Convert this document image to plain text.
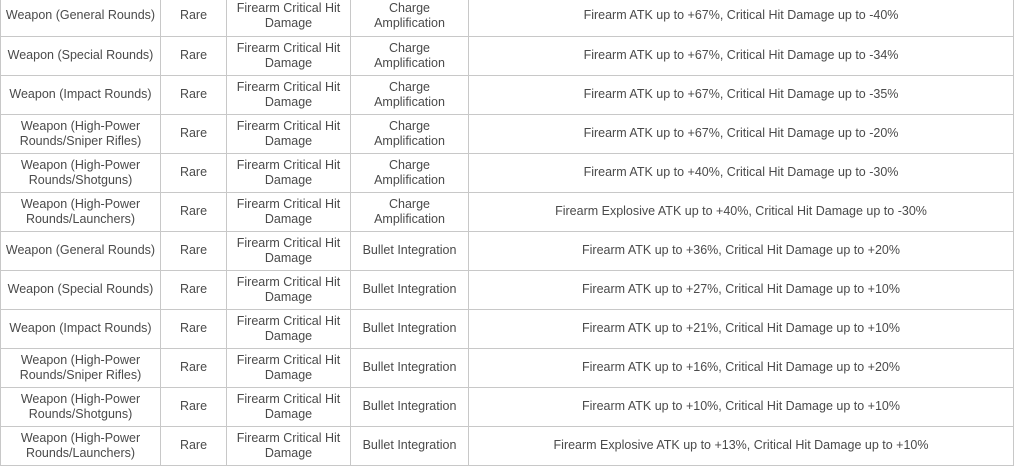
Weapon (General Rounds)	Rare	Firearm Critical Hit Damage	Charge Amplification	Firearm ATK up to +67%, Critical Hit Damage up to -40%
Weapon (Special Rounds)	Rare	Firearm Critical Hit Damage	Charge Amplification	Firearm ATK up to +67%, Critical Hit Damage up to -34%
Weapon (Impact Rounds)	Rare	Firearm Critical Hit Damage	Charge Amplification	Firearm ATK up to +67%, Critical Hit Damage up to -35%
Weapon (High-Power Rounds/Sniper Rifles)	Rare	Firearm Critical Hit Damage	Charge Amplification	Firearm ATK up to +67%, Critical Hit Damage up to -20%
Weapon (High-Power Rounds/Shotguns)	Rare	Firearm Critical Hit Damage	Charge Amplification	Firearm ATK up to +40%, Critical Hit Damage up to -30%
Weapon (High-Power Rounds/Launchers)	Rare	Firearm Critical Hit Damage	Charge Amplification	Firearm Explosive ATK up to +40%, Critical Hit Damage up to -30%
Weapon (General Rounds)	Rare	Firearm Critical Hit Damage	Bullet Integration	Firearm ATK up to +36%, Critical Hit Damage up to +20%
Weapon (Special Rounds)	Rare	Firearm Critical Hit Damage	Bullet Integration	Firearm ATK up to +27%, Critical Hit Damage up to +10%
Weapon (Impact Rounds)	Rare	Firearm Critical Hit Damage	Bullet Integration	Firearm ATK up to +21%, Critical Hit Damage up to +10%
Weapon (High-Power Rounds/Sniper Rifles)	Rare	Firearm Critical Hit Damage	Bullet Integration	Firearm ATK up to +16%, Critical Hit Damage up to +20%
Weapon (High-Power Rounds/Shotguns)	Rare	Firearm Critical Hit Damage	Bullet Integration	Firearm ATK up to +10%, Critical Hit Damage up to +10%
Weapon (High-Power Rounds/Launchers)	Rare	Firearm Critical Hit Damage	Bullet Integration	Firearm Explosive ATK up to +13%, Critical Hit Damage up to +10%
